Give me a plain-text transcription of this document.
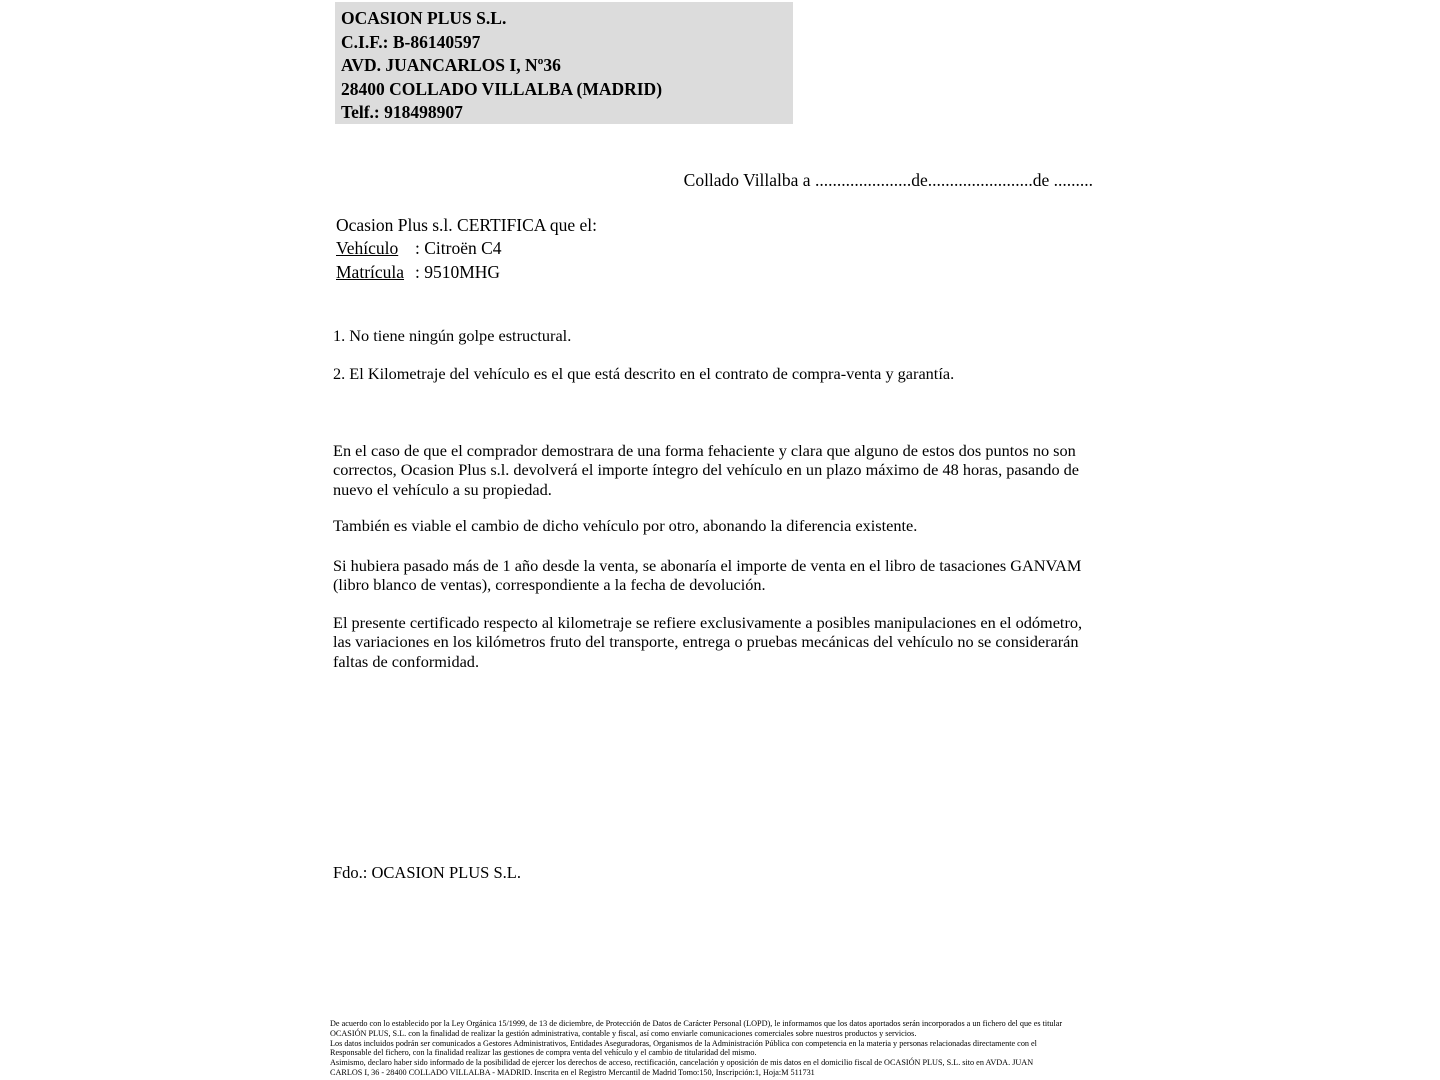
OCASION PLUS S.L.
C.I.F.: B-86140597
AVD. JUANCARLOS I, Nº36
28400 COLLADO VILLALBA (MADRID)
Telf.: 918498907
Collado Villalba a ......................de........................de .........
Ocasion Plus s.l. CERTIFICA que el:
Vehículo : Citroën C4
Matrícula : 9510MHG
1. No tiene ningún golpe estructural.
2. El Kilometraje del vehículo es el que está descrito en el contrato de compra-venta y garantía.
En el caso de que el comprador demostrara de una forma fehaciente y clara que alguno de estos dos puntos no son correctos, Ocasion Plus s.l. devolverá el importe íntegro del vehículo en un plazo máximo de 48 horas, pasando de nuevo el vehículo a su propiedad.
También es viable el cambio de dicho vehículo por otro, abonando la diferencia existente.
Si hubiera pasado más de 1 año desde la venta, se abonaría el importe de venta en el libro de tasaciones GANVAM (libro blanco de ventas), correspondiente a la fecha de devolución.
El presente certificado respecto al kilometraje se refiere exclusivamente a posibles manipulaciones en el odómetro, las variaciones en los kilómetros fruto del transporte, entrega o pruebas mecánicas del vehículo no se considerarán faltas de conformidad.
Fdo.: OCASION PLUS S.L.
De acuerdo con lo establecido por la Ley Orgánica 15/1999, de 13 de diciembre, de Protección de Datos de Carácter Personal (LOPD), le informamos que los datos aportados serán incorporados a un fichero del que es titular
OCASIÓN PLUS, S.L. con la finalidad de realizar la gestión administrativa, contable y fiscal, así como enviarle comunicaciones comerciales sobre nuestros productos y servicios.
Los datos incluidos podrán ser comunicados a Gestores Administrativos, Entidades Aseguradoras, Organismos de la Administración Pública con competencia en la materia y personas relacionadas directamente con el
Responsable del fichero, con la finalidad realizar las gestiones de compra venta del vehículo y el cambio de titularidad del mismo.
Asimismo, declaro haber sido informado de la posibilidad de ejercer los derechos de acceso, rectificación, cancelación y oposición de mis datos en el domicilio fiscal de OCASIÓN PLUS, S.L. sito en AVDA. JUAN
CARLOS I, 36 - 28400 COLLADO VILLALBA - MADRID. Inscrita en el Registro Mercantil de Madrid Tomo:150, Inscripción:1, Hoja:M 511731
